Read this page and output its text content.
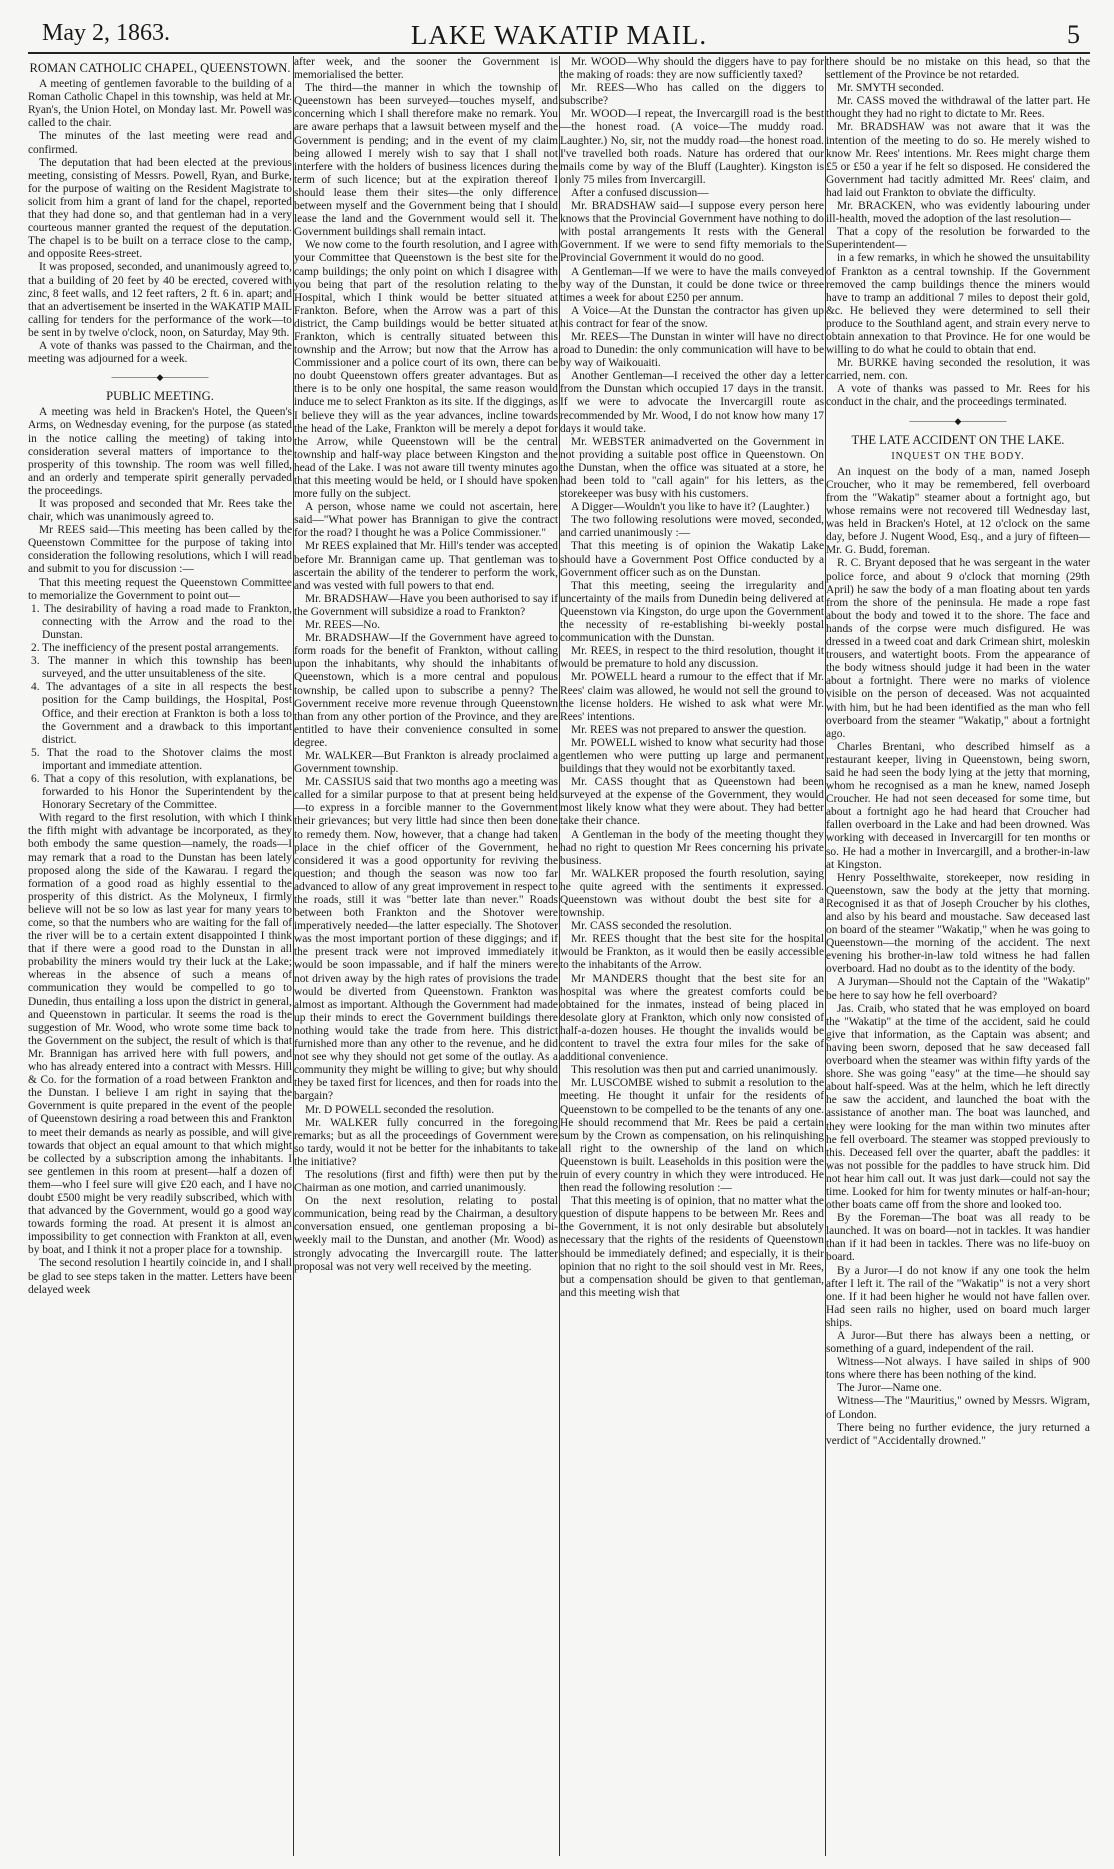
May 2, 1863.	LAKE WAKATIP MAIL.	5

ROMAN CATHOLIC CHAPEL, QUEENSTOWN.

A meeting of gentlemen favorable to the building of a Roman Catholic Chapel in this township, was held at Mr. Ryan's, the Union Hotel, on Monday last. Mr. Powell was called to the chair.

The minutes of the last meeting were read and confirmed.

The deputation that had been elected at the previous meeting, consisting of Messrs. Powell, Ryan, and Burke, for the purpose of waiting on the Resident Magistrate to solicit from him a grant of land for the chapel, reported that they had done so, and that gentleman had in a very courteous manner granted the request of the deputation. The chapel is to be built on a terrace close to the camp, and opposite Rees-street.

It was proposed, seconded, and unanimously agreed to, that a building of 20 feet by 40 be erected, covered with zinc, 8 feet walls, and 12 feet rafters, 2 ft. 6 in. apart; and that an advertisement be inserted in the WAKATIP MAIL calling for tenders for the performance of the work—to be sent in by twelve o'clock, noon, on Saturday, May 9th.

A vote of thanks was passed to the Chairman, and the meeting was adjourned for a week.

—————◆—————

PUBLIC MEETING.

A meeting was held in Bracken's Hotel, the Queen's Arms, on Wednesday evening, for the purpose (as stated in the notice calling the meeting) of taking into consideration several matters of importance to the prosperity of this township. The room was well filled, and an orderly and temperate spirit generally pervaded the proceedings.

It was proposed and seconded that Mr. Rees take the chair, which was unanimously agreed to.

Mr REES said—This meeting has been called by the Queenstown Committee for the purpose of taking into consideration the following resolutions, which I will read and submit to you for discussion :—

That this meeting request the Queenstown Committee to memorialize the Government to point out—

1. The desirability of having a road made to Frankton, connecting with the Arrow and the road to the Dunstan.

2. The inefficiency of the present postal arrangements.

3. The manner in which this township has been surveyed, and the utter unsuitableness of the site.

4. The advantages of a site in all respects the best position for the Camp buildings, the Hospital, Post Office, and their erection at Frankton is both a loss to the Government and a drawback to this important district.

5. That the road to the Shotover claims the most important and immediate attention.

6. That a copy of this resolution, with explanations, be forwarded to his Honor the Superintendent by the Honorary Secretary of the Committee.

With regard to the first resolution, with which I think the fifth might with advantage be incorporated, as they both embody the same question—namely, the roads—I may remark that a road to the Dunstan has been lately proposed along the side of the Kawarau. I regard the formation of a good road as highly essential to the prosperity of this district. As the Molyneux, I firmly believe will not be so low as last year for many years to come, so that the numbers who are waiting for the fall of the river will be to a certain extent disappointed I think that if there were a good road to the Dunstan in all probability the miners would try their luck at the Lake; whereas in the absence of such a means of communication they would be compelled to go to Dunedin, thus entailing a loss upon the district in general, and Queenstown in particular. It seems the road is the suggestion of Mr. Wood, who wrote some time back to the Government on the subject, the result of which is that Mr. Brannigan has arrived here with full powers, and who has already entered into a contract with Messrs. Hill & Co. for the formation of a road between Frankton and the Dunstan. I believe I am right in saying that the Government is quite prepared in the event of the people of Queenstown desiring a road between this and Frankton to meet their demands as nearly as possible, and will give towards that object an equal amount to that which might be collected by a subscription among the inhabitants. I see gentlemen in this room at present—half a dozen of them—who I feel sure will give £20 each, and I have no doubt £500 might be very readily subscribed, which with that advanced by the Government, would go a good way towards forming the road. At present it is almost an impossibility to get connection with Frankton at all, even by boat, and I think it not a proper place for a township.

The second resolution I heartily coincide in, and I shall be glad to see steps taken in the matter. Letters have been delayed week

after week, and the sooner the Government is memorialised the better.

The third—the manner in which the township of Queenstown has been surveyed—touches myself, and concerning which I shall therefore make no remark. You are aware perhaps that a lawsuit between myself and the Government is pending; and in the event of my claim being allowed I merely wish to say that I shall not interfere with the holders of business licences during the term of such licence; but at the expiration thereof I should lease them their sites—the only difference between myself and the Government being that I should lease the land and the Government would sell it. The Government buildings shall remain intact.

We now come to the fourth resolution, and I agree with your Committee that Queenstown is the best site for the camp buildings; the only point on which I disagree with you being that part of the resolution relating to the Hospital, which I think would be better situated at Frankton. Before, when the Arrow was a part of this district, the Camp buildings would be better situated at Frankton, which is centrally situated between this township and the Arrow; but now that the Arrow has a Commissioner and a police court of its own, there can be no doubt Queenstown offers greater advantages. But as there is to be only one hospital, the same reason would induce me to select Frankton as its site. If the diggings, as I believe they will as the year advances, incline towards the head of the Lake, Frankton will be merely a depot for the Arrow, while Queenstown will be the central township and half-way place between Kingston and the head of the Lake. I was not aware till twenty minutes ago that this meeting would be held, or I should have spoken more fully on the subject.

A person, whose name we could not ascertain, here said—"What power has Brannigan to give the contract for the road? I thought he was a Police Commissioner."

Mr REES explained that Mr. Hill's tender was accepted before Mr. Brannigan came up. That gentleman was to ascertain the ability of the tenderer to perform the work, and was vested with full powers to that end.

Mr. BRADSHAW—Have you been authorised to say if the Government will subsidize a road to Frankton?

Mr. REES—No.

Mr. BRADSHAW—If the Government have agreed to form roads for the benefit of Frankton, without calling upon the inhabitants, why should the inhabitants of Queenstown, which is a more central and populous township, be called upon to subscribe a penny? The Government receive more revenue through Queenstown than from any other portion of the Province, and they are entitled to have their convenience consulted in some degree.

Mr. WALKER—But Frankton is already proclaimed a Government township.

Mr. CASSIUS said that two months ago a meeting was called for a similar purpose to that at present being held—to express in a forcible manner to the Government their grievances; but very little had since then been done to remedy them. Now, however, that a change had taken place in the chief officer of the Government, he considered it was a good opportunity for reviving the question; and though the season was now too far advanced to allow of any great improvement in respect to the roads, still it was "better late than never." Roads between both Frankton and the Shotover were imperatively needed—the latter especially. The Shotover was the most important portion of these diggings; and if the present track were not improved immediately it would be soon impassable, and if half the miners were not driven away by the high rates of provisions the trade would be diverted from Queenstown. Frankton was almost as important. Although the Government had made up their minds to erect the Government buildings there nothing would take the trade from here. This district furnished more than any other to the revenue, and he did not see why they should not get some of the outlay. As a community they might be willing to give; but why should they be taxed first for licences, and then for roads into the bargain?

Mr. D POWELL seconded the resolution.

Mr. WALKER fully concurred in the foregoing remarks; but as all the proceedings of Government were so tardy, would it not be better for the inhabitants to take the initiative?

The resolutions (first and fifth) were then put by the Chairman as one motion, and carried unanimously.

On the next resolution, relating to postal communication, being read by the Chairman, a desultory conversation ensued, one gentleman proposing a bi-weekly mail to the Dunstan, and another (Mr. Wood) as strongly advocating the Invercargill route. The latter proposal was not very well received by the meeting.

Mr. WOOD—Why should the diggers have to pay for the making of roads: they are now sufficiently taxed?

Mr. REES—Who has called on the diggers to subscribe?

Mr. WOOD—I repeat, the Invercargill road is the best—the honest road. (A voice—The muddy road. Laughter.) No, sir, not the muddy road—the honest road. I've travelled both roads. Nature has ordered that our mails come by way of the Bluff (Laughter). Kingston is only 75 miles from Invercargill.

After a confused discussion—

Mr. BRADSHAW said—I suppose every person here knows that the Provincial Government have nothing to do with postal arrangements It rests with the General Government. If we were to send fifty memorials to the Provincial Government it would do no good.

A Gentleman—If we were to have the mails conveyed by way of the Dunstan, it could be done twice or three times a week for about £250 per annum.

A Voice—At the Dunstan the contractor has given up his contract for fear of the snow.

Mr. REES—The Dunstan in winter will have no direct road to Dunedin: the only communication will have to be by way of Waikouaiti.

Another Gentleman—I received the other day a letter from the Dunstan which occupied 17 days in the transit. If we were to advocate the Invercargill route as recommended by Mr. Wood, I do not know how many 17 days it would take.

Mr. WEBSTER animadverted on the Government in not providing a suitable post office in Queenstown. On the Dunstan, when the office was situated at a store, he had been told to "call again" for his letters, as the storekeeper was busy with his customers.

A Digger—Wouldn't you like to have it? (Laughter.)

The two following resolutions were moved, seconded, and carried unanimously :—

That this meeting is of opinion the Wakatip Lake should have a Government Post Office conducted by a Government officer such as on the Dunstan.

That this meeting, seeing the irregularity and uncertainty of the mails from Dunedin being delivered at Queenstown via Kingston, do urge upon the Government the necessity of re-establishing bi-weekly postal communication with the Dunstan.

Mr. REES, in respect to the third resolution, thought it would be premature to hold any discussion.

Mr. POWELL heard a rumour to the effect that if Mr. Rees' claim was allowed, he would not sell the ground to the license holders. He wished to ask what were Mr. Rees' intentions.

Mr. REES was not prepared to answer the question.

Mr. POWELL wished to know what security had those gentlemen who were putting up large and permanent buildings that they would not be exorbitantly taxed.

Mr. CASS thought that as Queenstown had been surveyed at the expense of the Government, they would most likely know what they were about. They had better take their chance.

A Gentleman in the body of the meeting thought they had no right to question Mr Rees concerning his private business.

Mr. WALKER proposed the fourth resolution, saying he quite agreed with the sentiments it expressed. Queenstown was without doubt the best site for a township.

Mr. CASS seconded the resolution.

Mr. REES thought that the best site for the hospital would be Frankton, as it would then be easily accessible to the inhabitants of the Arrow.

Mr MANDERS thought that the best site for an hospital was where the greatest comforts could be obtained for the inmates, instead of being placed in desolate glory at Frankton, which only now consisted of half-a-dozen houses. He thought the invalids would be content to travel the extra four miles for the sake of additional convenience.

This resolution was then put and carried unanimously.

Mr. LUSCOMBE wished to submit a resolution to the meeting. He thought it unfair for the residents of Queenstown to be compelled to be the tenants of any one. He should recommend that Mr. Rees be paid a certain sum by the Crown as compensation, on his relinquishing all right to the ownership of the land on which Queenstown is built. Leaseholds in this position were the ruin of every country in which they were introduced. He then read the following resolution :—

That this meeting is of opinion, that no matter what the question of dispute happens to be between Mr. Rees and the Government, it is not only desirable but absolutely necessary that the rights of the residents of Queenstown should be immediately defined; and especially, it is their opinion that no right to the soil should vest in Mr. Rees, but a compensation should be given to that gentleman, and this meeting wish that

there should be no mistake on this head, so that the settlement of the Province be not retarded.

Mr. SMYTH seconded.

Mr. CASS moved the withdrawal of the latter part. He thought they had no right to dictate to Mr. Rees.

Mr. BRADSHAW was not aware that it was the intention of the meeting to do so. He merely wished to know Mr. Rees' intentions. Mr. Rees might charge them £5 or £50 a year if he felt so disposed. He considered the Government had tacitly admitted Mr. Rees' claim, and had laid out Frankton to obviate the difficulty.

Mr. BRACKEN, who was evidently labouring under ill-health, moved the adoption of the last resolution—

That a copy of the resolution be forwarded to the Superintendent—

in a few remarks, in which he showed the unsuitability of Frankton as a central township. If the Government removed the camp buildings thence the miners would have to tramp an additional 7 miles to depost their gold, &c. He believed they were determined to sell their produce to the Southland agent, and strain every nerve to obtain annexation to that Province. He for one would be willing to do what he could to obtain that end.

Mr. BURKE having seconded the resolution, it was carried, nem. con.

A vote of thanks was passed to Mr. Rees for his conduct in the chair, and the proceedings terminated.

—————◆—————

THE LATE ACCIDENT ON THE LAKE.

INQUEST ON THE BODY.

An inquest on the body of a man, named Joseph Croucher, who it may be remembered, fell overboard from the "Wakatip" steamer about a fortnight ago, but whose remains were not recovered till Wednesday last, was held in Bracken's Hotel, at 12 o'clock on the same day, before J. Nugent Wood, Esq., and a jury of fifteen—Mr. G. Budd, foreman.

R. C. Bryant deposed that he was sergeant in the water police force, and about 9 o'clock that morning (29th April) he saw the body of a man floating about ten yards from the shore of the peninsula. He made a rope fast about the body and towed it to the shore. The face and hands of the corpse were much disfigured. He was dressed in a tweed coat and dark Crimean shirt, moleskin trousers, and watertight boots. From the appearance of the body witness should judge it had been in the water about a fortnight. There were no marks of violence visible on the person of deceased. Was not acquainted with him, but he had been identified as the man who fell overboard from the steamer "Wakatip," about a fortnight ago.

Charles Brentani, who described himself as a restaurant keeper, living in Queenstown, being sworn, said he had seen the body lying at the jetty that morning, whom he recognised as a man he knew, named Joseph Croucher. He had not seen deceased for some time, but about a fortnight ago he had heard that Croucher had fallen overboard in the Lake and had been drowned. Was working with deceased in Invercargill for ten months or so. He had a mother in Invercargill, and a brother-in-law at Kingston.

Henry Posselthwaite, storekeeper, now residing in Queenstown, saw the body at the jetty that morning. Recognised it as that of Joseph Croucher by his clothes, and also by his beard and moustache. Saw deceased last on board of the steamer "Wakatip," when he was going to Queenstown—the morning of the accident. The next evening his brother-in-law told witness he had fallen overboard. Had no doubt as to the identity of the body.

A Juryman—Should not the Captain of the "Wakatip" be here to say how he fell overboard?

Jas. Craib, who stated that he was employed on board the "Wakatip" at the time of the accident, said he could give that information, as the Captain was absent; and having been sworn, deposed that he saw deceased fall overboard when the steamer was within fifty yards of the shore. She was going "easy" at the time—he should say about half-speed. Was at the helm, which he left directly he saw the accident, and launched the boat with the assistance of another man. The boat was launched, and they were looking for the man within two minutes after he fell overboard. The steamer was stopped previously to this. Deceased fell over the quarter, abaft the paddles: it was not possible for the paddles to have struck him. Did not hear him call out. It was just dark—could not say the time. Looked for him for twenty minutes or half-an-hour; other boats came off from the shore and looked too.

By the Foreman—The boat was all ready to be launched. It was on board—not in tackles. It was handier than if it had been in tackles. There was no life-buoy on board.

By a Juror—I do not know if any one took the helm after I left it. The rail of the "Wakatip" is not a very short one. If it had been higher he would not have fallen over. Had seen rails no higher, used on board much larger ships.

A Juror—But there has always been a netting, or something of a guard, independent of the rail.

Witness—Not always. I have sailed in ships of 900 tons where there has been nothing of the kind.

The Juror—Name one.

Witness—The "Mauritius," owned by Messrs. Wigram, of London.

There being no further evidence, the jury returned a verdict of "Accidentally drowned."
